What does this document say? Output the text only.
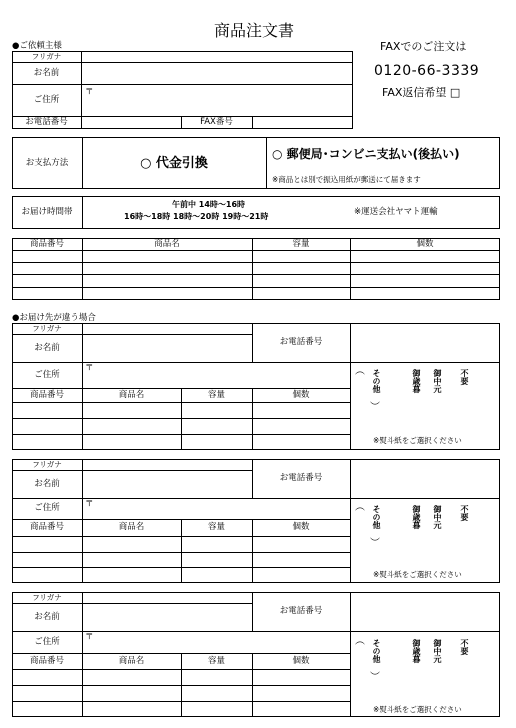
商品注文書
FAXでのご注文は
0120-66-3339
FAX返信希望 □
●ご依頼主様
フリガナ
お名前
ご住所
〒
お電話番号	FAX番号
お支払方法	○ 代金引換
○ 郵便局･コンビニ支払い(後払い)
※商品とは別で振込用紙が郵送にて届きます
お届け時間帯
午前中 14時～16時
16時～18時 18時～20時 19時～21時	※運送会社ヤマト運輸
商品番号	商品名	容量	個数
●お届け先が違う場合
フリガナ
お名前
お電話番号
ご住所
〒
商品番号	商品名	容量	個数
︵	不要
御中元
御歳暮
その他
︶
※熨斗紙をご選択ください
フリガナ
お名前
お電話番号
ご住所	〒
商品番号	商品名	容量	個数
︵	不要
御中元
御歳暮
その他
︶
※熨斗紙をご選択ください
フリガナ
お名前
お電話番号
ご住所	〒
商品番号	商品名	容量	個数
︵	不要
御中元
御歳暮
その他
︶
※熨斗紙をご選択ください
